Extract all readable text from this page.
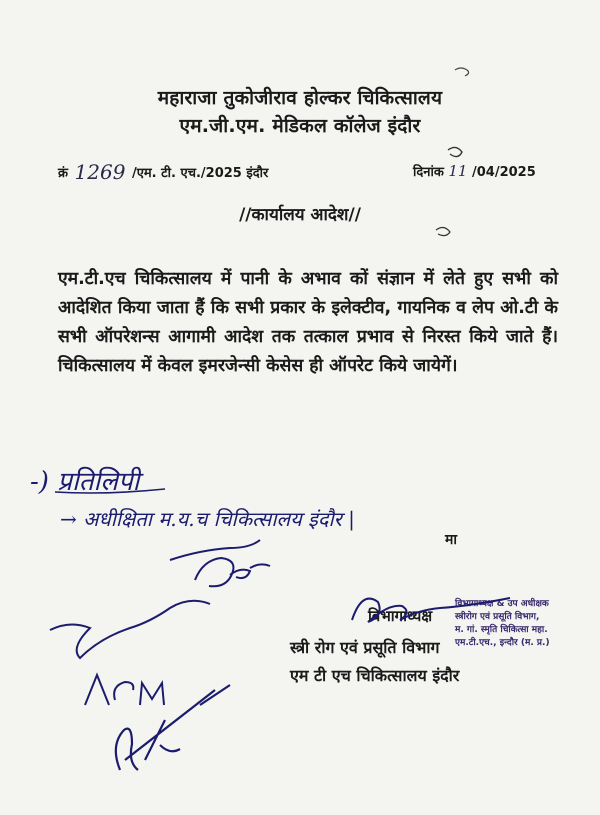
महाराजा तुकोजीराव होल्कर चिकित्सालय
एम.जी.एम. मेडिकल कॉलेज इंदौर
क्रं 1269 /एम. टी. एच./2025 इंदौर	दिनांक 11 /04/2025
//कार्यालय आदेश//
एम.टी.एच चिकित्सालय में पानी के अभाव कों संज्ञान में लेते हुए सभी को आदेशित किया जाता हैं कि सभी प्रकार के इलेक्टीव, गायनिक व लेप ओ.टी के सभी ऑपरेशन्स आगामी आदेश तक तत्काल प्रभाव से निरस्त किये जाते हैं। चिकित्सालय में केवल इमरजेन्सी केसेस ही ऑपरेट किये जायेगें।
-) प्रतिलिपी
→ अधीक्षिता म.य.च चिकित्सालय इंदौर |
मा
विभागाध्यक्ष
स्त्री रोग एवं प्रसूति विभाग
एम टी एच चिकित्सालय इंदौर
विभागाध्यक्ष & उप अधीक्षक
स्त्रीरोग एवं प्रसूति विभाग,
म. गां. स्मृति चिकित्सा महा.
एम.टी.एच., इन्दौर (म. प्र.)
